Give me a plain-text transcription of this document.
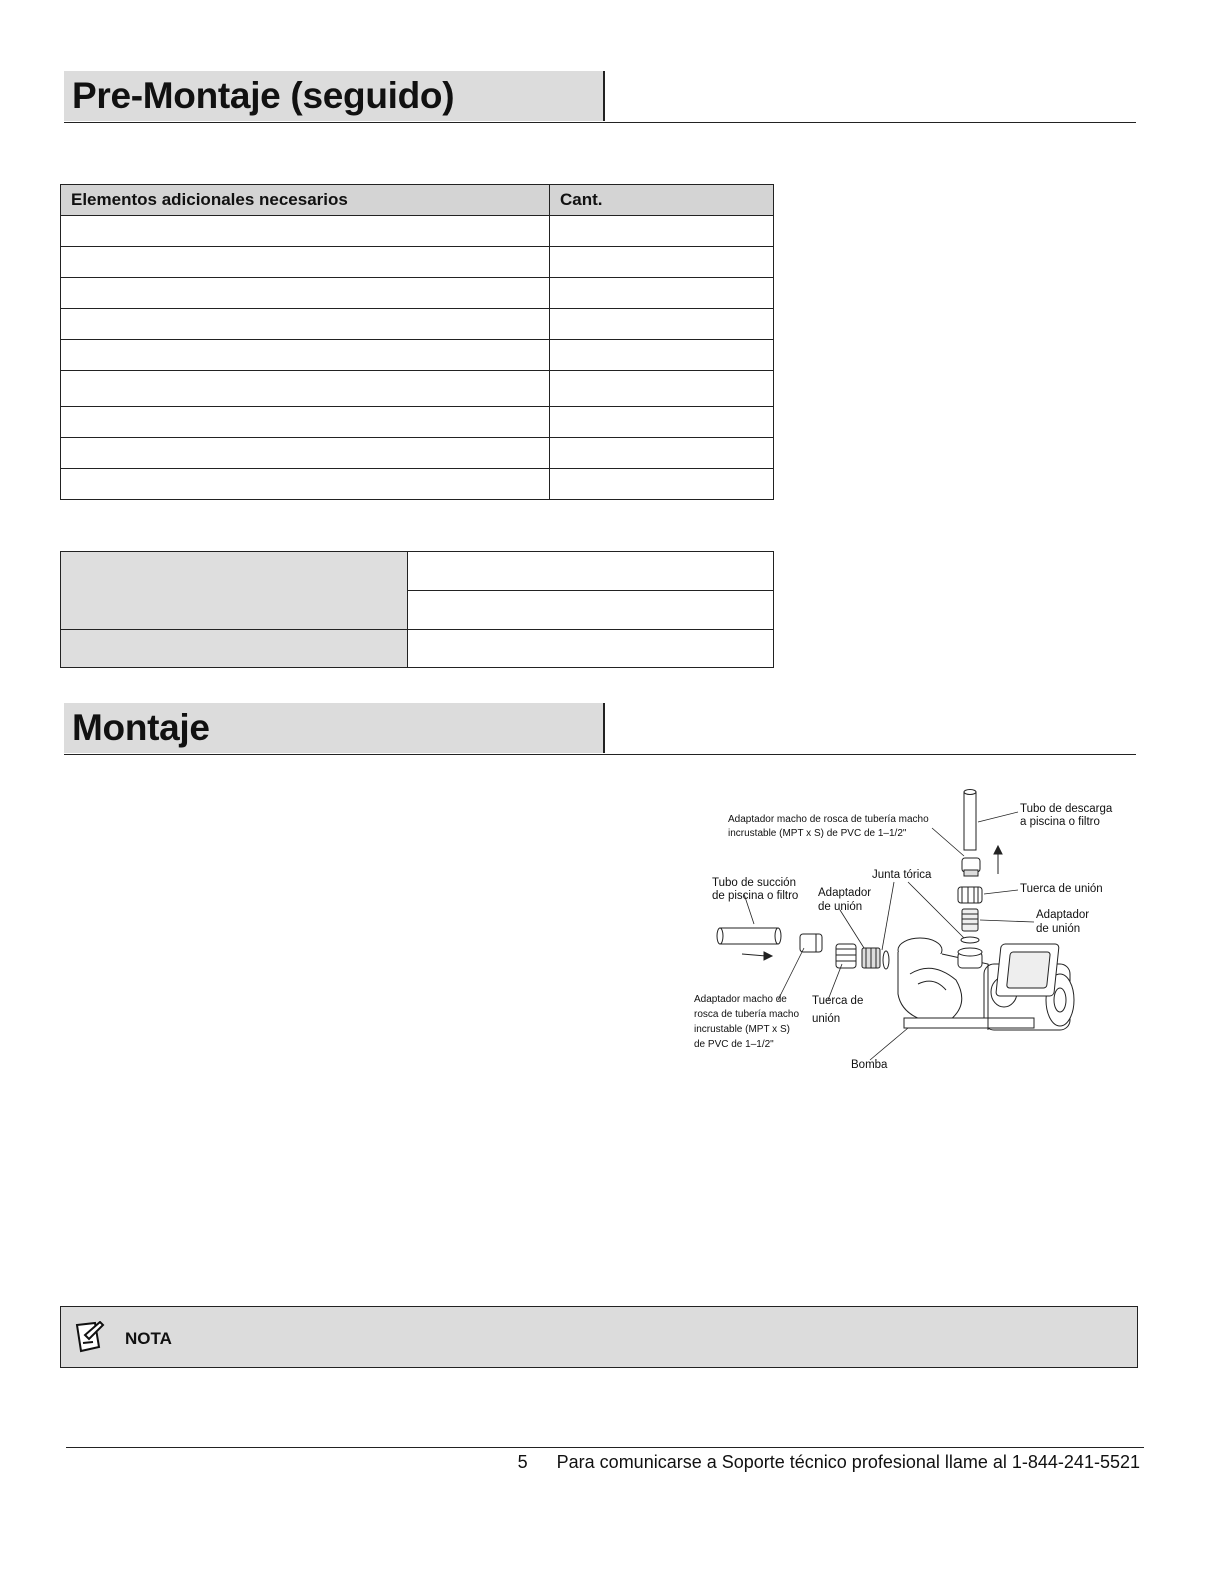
Pre-Montaje (seguido)
Elementos adicionales necesarios	Cant.

Montaje
Adaptador macho de rosca de tubería macho
incrustable (MPT x S) de PVC de 1–1/2"
Tubo de descarga
a piscina o filtro
Junta tórica
Tubo de succión
de piscina o filtro Adaptador
de unión
Tuerca de unión
Adaptador
de unión
Adaptador macho de
rosca de tubería macho
incrustable (MPT x S)
de PVC de 1–1/2"
Tuerca de
unión
Bomba
NOTA
5 Para comunicarse a Soporte técnico profesional llame al 1-844-241-5521
